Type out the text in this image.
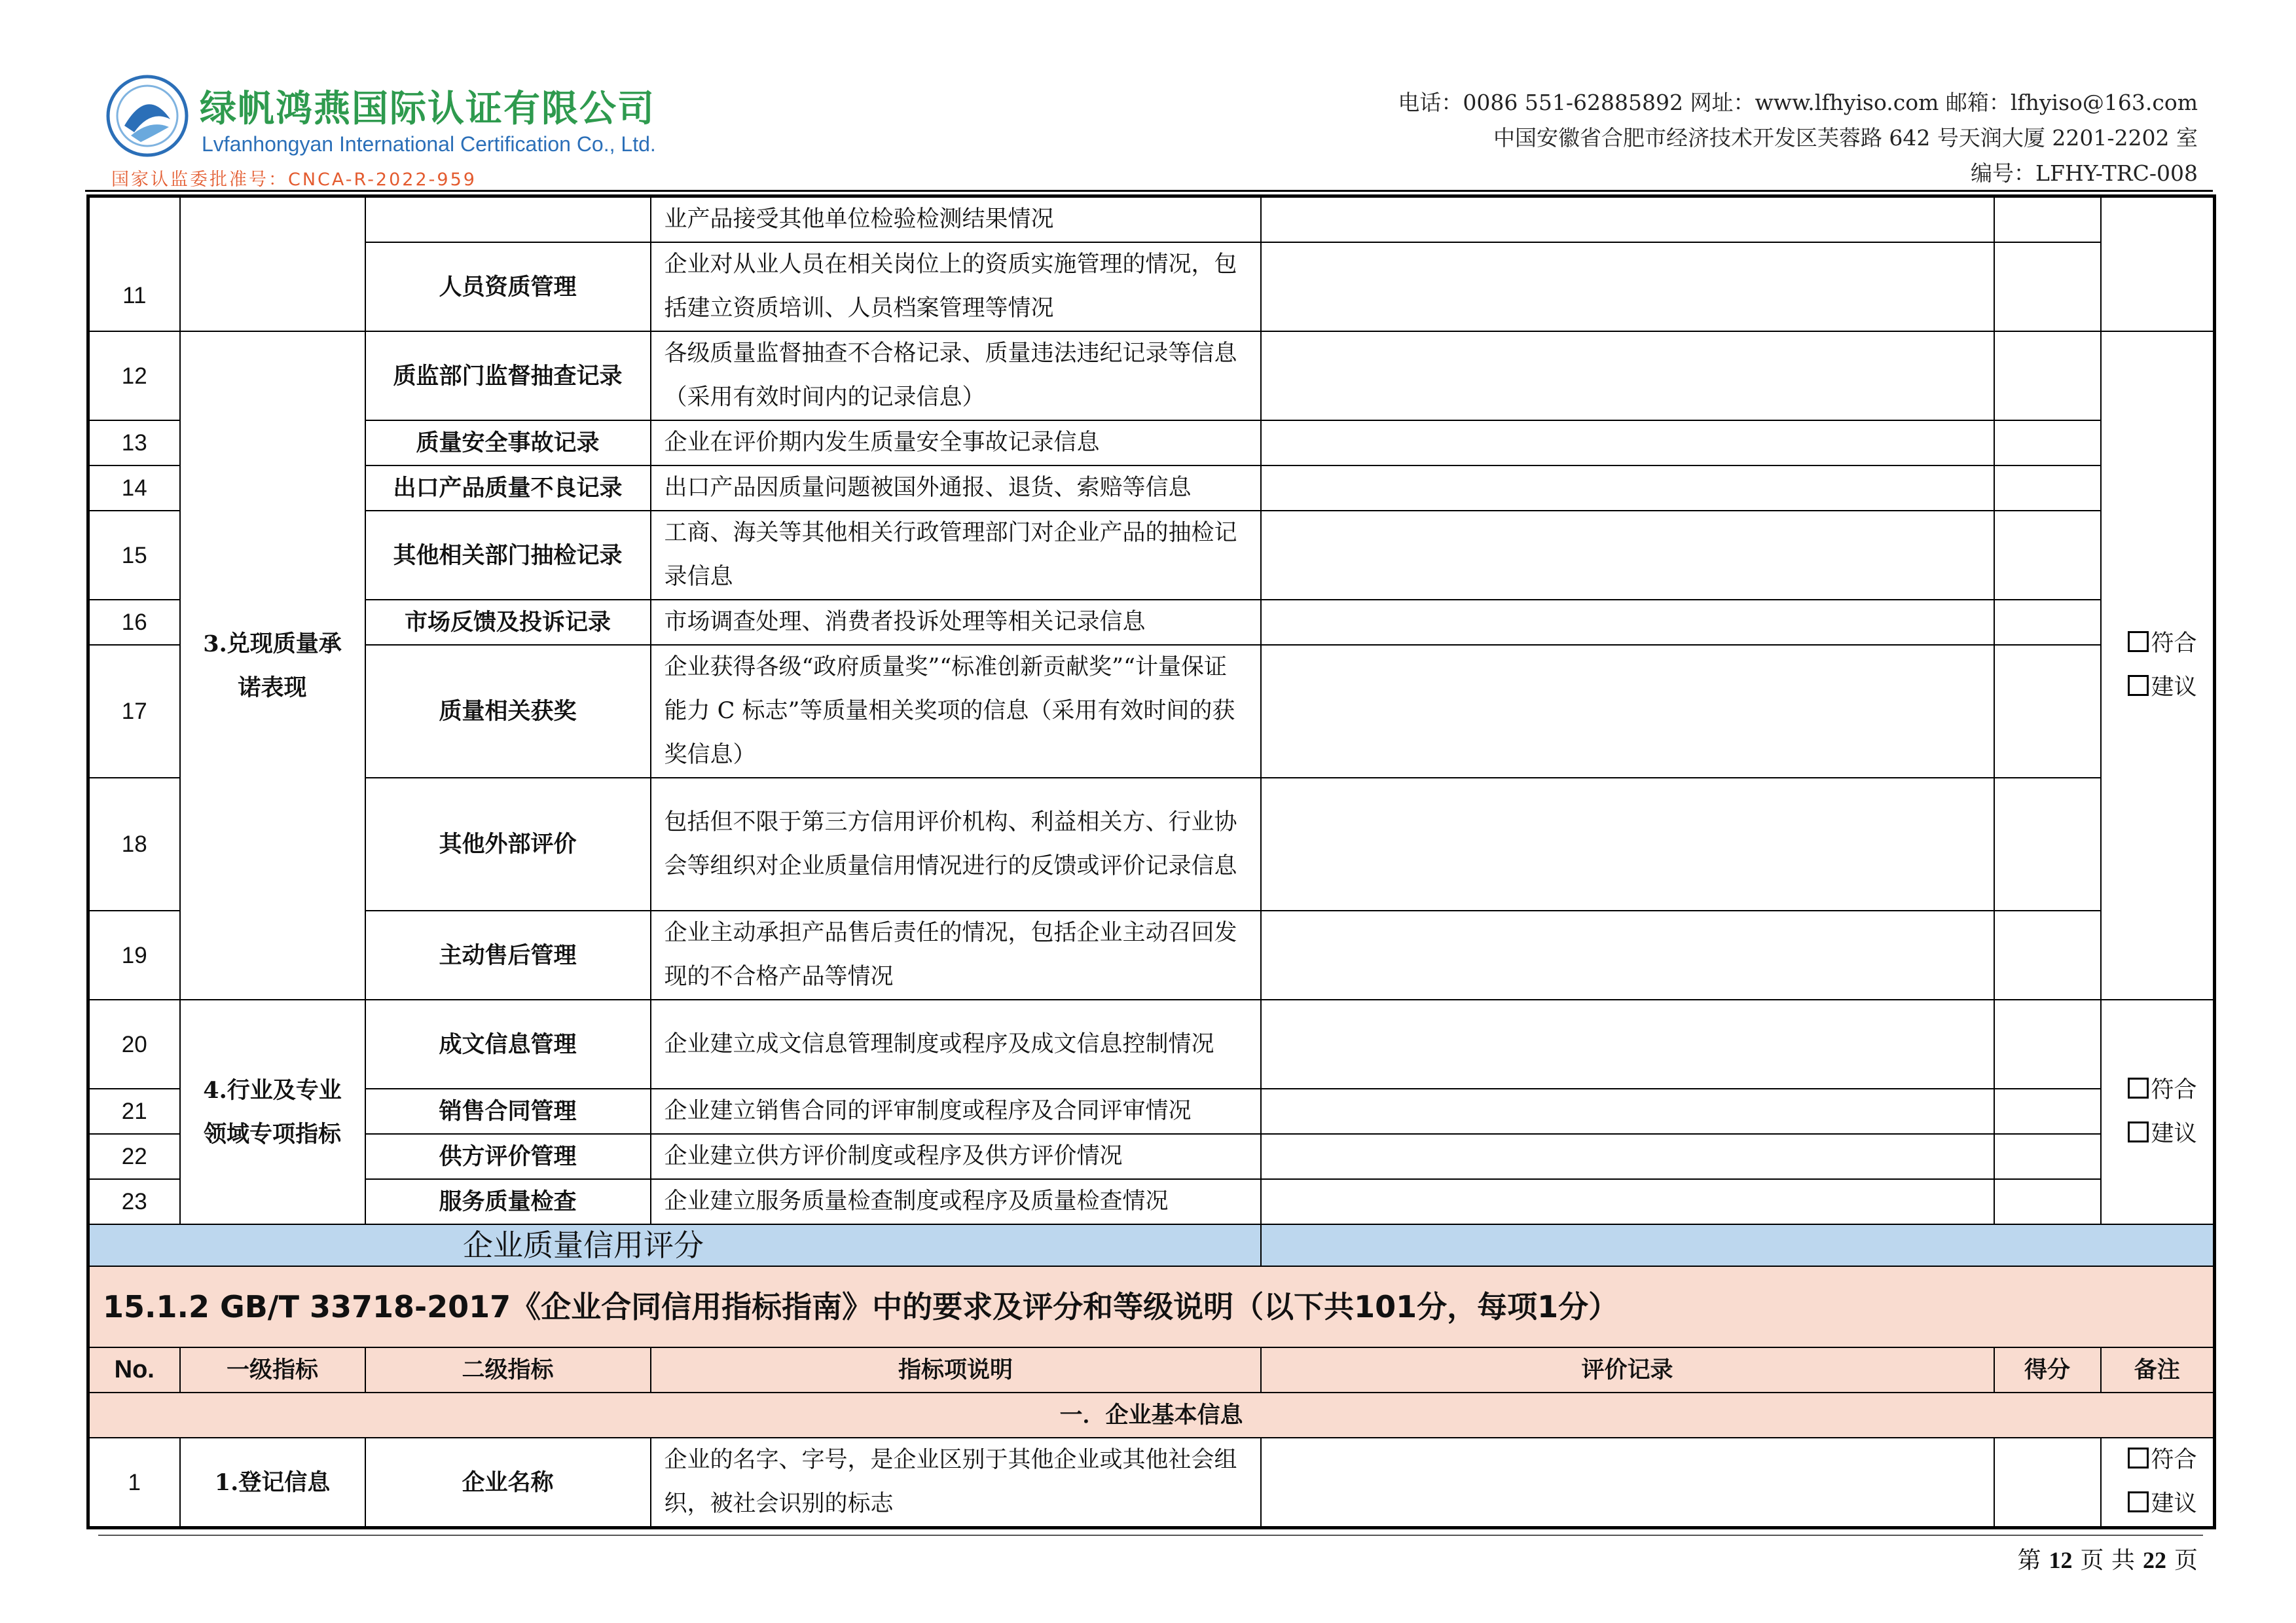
绿帆鸿燕国际认证有限公司
Lvfanhongyan International Certification Co., Ltd.
国家认监委批准号：CNCA-R-2022-959
电话：0086 551-62885892 网址：www.lfhyiso.com 邮箱：lfhyiso@163.com
中国安徽省合肥市经济技术开发区芙蓉路 642 号天润大厦 2201-2202 室
编号：LFHY-TRC-008
11			业产品接受其他单位检验检测结果情况			
		人员资质管理	企业对从业人员在相关岗位上的资质实施管理的情况，包括建立资质培训、人员档案管理等情况			
12	3.兑现质量承诺表现	质监部门监督抽查记录	各级质量监督抽查不合格记录、质量违法违纪记录等信息（采用有效时间内的记录信息）			符合
建议

13		质量安全事故记录	企业在评价期内发生质量安全事故记录信息			
14		出口产品质量不良记录	出口产品因质量问题被国外通报、退货、索赔等信息			
15		其他相关部门抽检记录	工商、海关等其他相关行政管理部门对企业产品的抽检记录信息			
16		市场反馈及投诉记录	市场调查处理、消费者投诉处理等相关记录信息			
17		质量相关获奖	企业获得各级“政府质量奖”“标准创新贡献奖”“计量保证能力 C 标志”等质量相关奖项的信息（采用有效时间的获奖信息）			
18		其他外部评价	包括但不限于第三方信用评价机构、利益相关方、行业协会等组织对企业质量信用情况进行的反馈或评价记录信息			
19		主动售后管理	企业主动承担产品售后责任的情况，包括企业主动召回发现的不合格产品等情况			
20	4.行业及专业领域专项指标	成文信息管理	企业建立成文信息管理制度或程序及成文信息控制情况			符合
建议

21		销售合同管理	企业建立销售合同的评审制度或程序及合同评审情况			
22		供方评价管理	企业建立供方评价制度或程序及供方评价情况			
23		服务质量检查	企业建立服务质量检查制度或程序及质量检查情况			
企业质量信用评分						
15.1.2 GB/T 33718-2017《企业合同信用指标指南》中的要求及评分和等级说明（以下共101分，每项1分）						
No.	一级指标	二级指标	指标项说明	评价记录	得分	备注
一．企业基本信息						
1	1.登记信息	企业名称	企业的名字、字号，是企业区别于其他企业或其他社会组织，被社会识别的标志			符合
建议
第 12 页 共 22 页
